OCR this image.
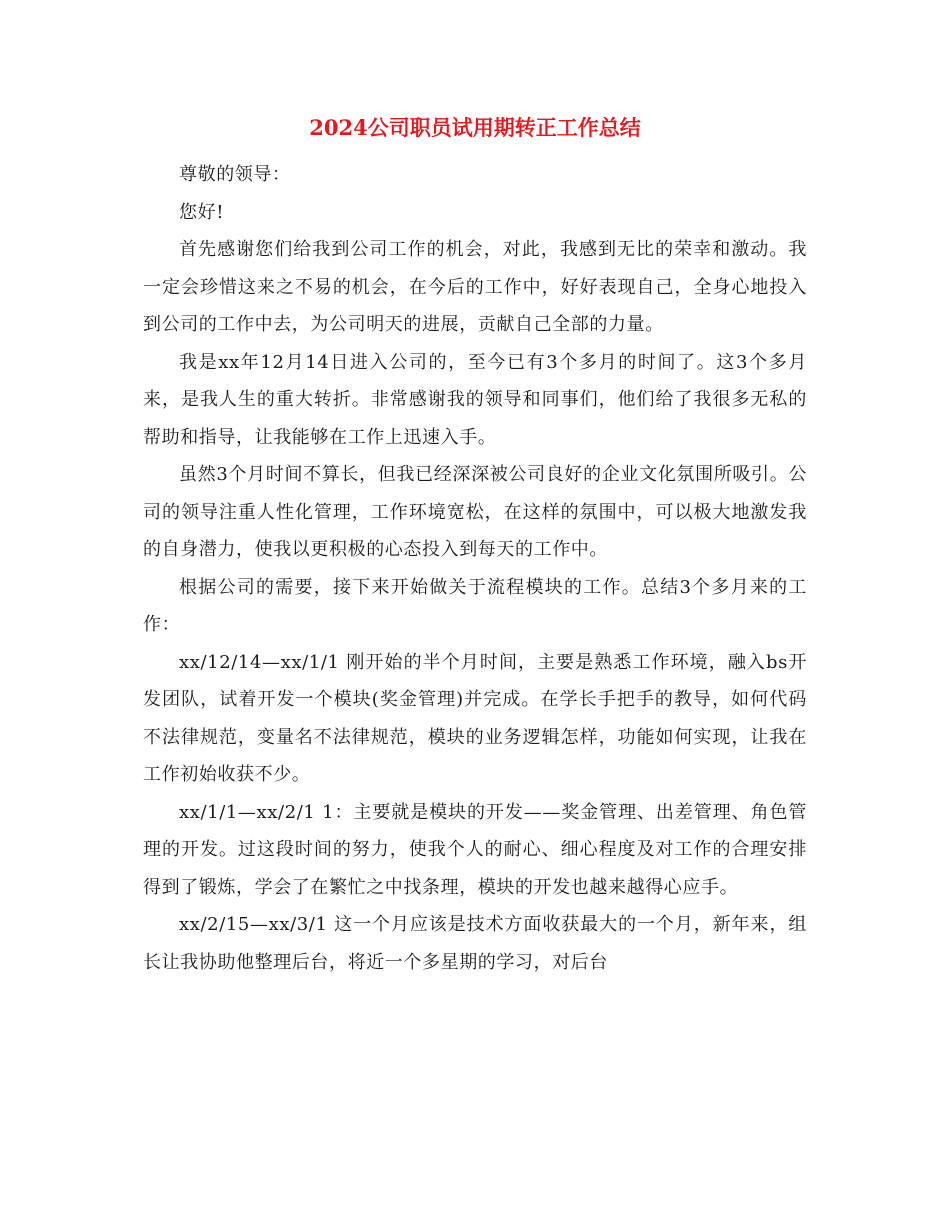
2024公司职员试用期转正工作总结

尊敬的领导：

您好!

首先感谢您们给我到公司工作的机会，对此，我感到无比的荣幸和激动。我一定会珍惜这来之不易的机会，在今后的工作中，好好表现自己，全身心地投入到公司的工作中去，为公司明天的进展，贡献自己全部的力量。

我是xx年12月14日进入公司的，至今已有3个多月的时间了。这3个多月来，是我人生的重大转折。非常感谢我的领导和同事们，他们给了我很多无私的帮助和指导，让我能够在工作上迅速入手。

虽然3个月时间不算长，但我已经深深被公司良好的企业文化氛围所吸引。公司的领导注重人性化管理，工作环境宽松，在这样的氛围中，可以极大地激发我的自身潜力，使我以更积极的心态投入到每天的工作中。

根据公司的需要，接下来开始做关于流程模块的工作。总结3个多月来的工作：

xx/12/14—xx/1/1 刚开始的半个月时间，主要是熟悉工作环境，融入bs开发团队，试着开发一个模块(奖金管理)并完成。在学长手把手的教导，如何代码不法律规范，变量名不法律规范，模块的业务逻辑怎样，功能如何实现，让我在工作初始收获不少。

xx/1/1—xx/2/1 1：主要就是模块的开发——奖金管理、出差管理、角色管理的开发。过这段时间的努力，使我个人的耐心、细心程度及对工作的合理安排得到了锻炼，学会了在繁忙之中找条理，模块的开发也越来越得心应手。

xx/2/15—xx/3/1 这一个月应该是技术方面收获最大的一个月，新年来，组长让我协助他整理后台，将近一个多星期的学习，对后台
